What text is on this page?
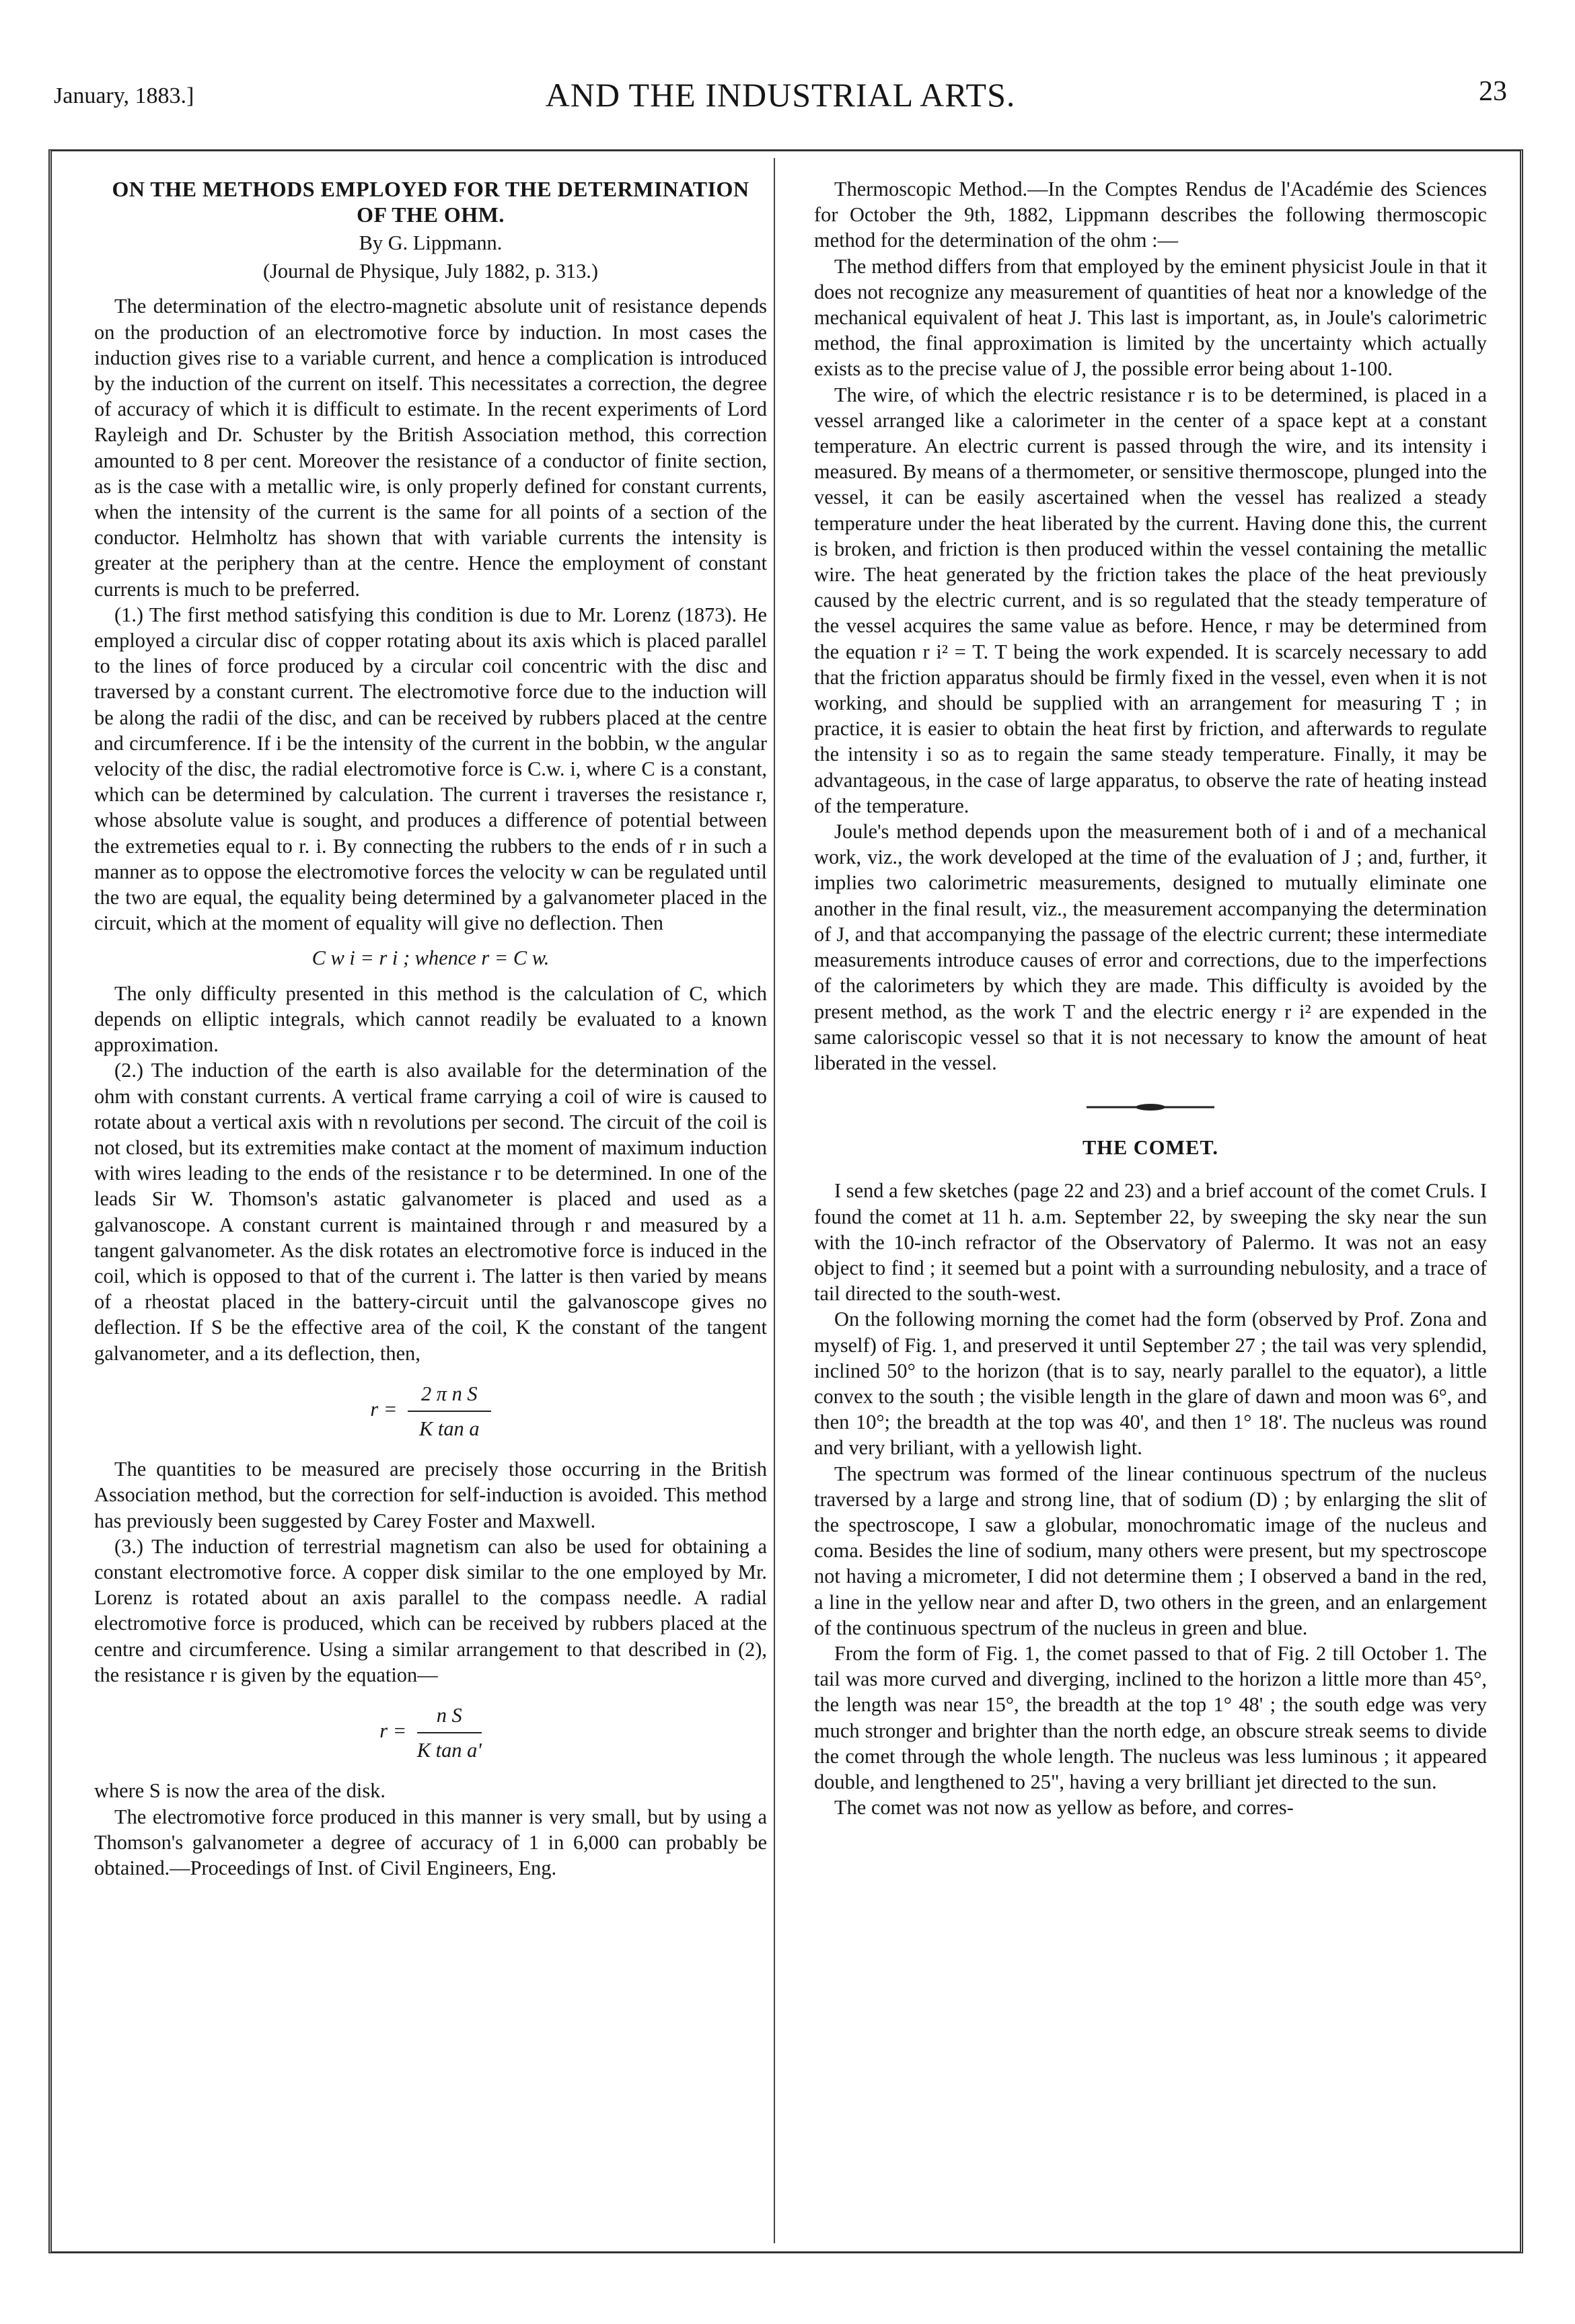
January, 1883.]	AND THE INDUSTRIAL ARTS.	23
ON THE METHODS EMPLOYED FOR THE DETERMINATION OF THE OHM.
By G. Lippmann.
(Journal de Physique, July 1882, p. 313.)

The determination of the electro-magnetic absolute unit of resistance depends on the production of an electromotive force by induction. In most cases the induction gives rise to a variable current, and hence a complication is introduced by the induction of the current on itself. This necessitates a correction, the degree of accuracy of which it is difficult to estimate. In the recent experiments of Lord Rayleigh and Dr. Schuster by the British Association method, this correction amounted to 8 per cent. Moreover the resistance of a conductor of finite section, as is the case with a metallic wire, is only properly defined for constant currents, when the intensity of the current is the same for all points of a section of the conductor. Helmholtz has shown that with variable currents the intensity is greater at the periphery than at the centre. Hence the employment of constant currents is much to be preferred.

(1.) The first method satisfying this condition is due to Mr. Lorenz (1873). He employed a circular disc of copper rotating about its axis which is placed parallel to the lines of force produced by a circular coil concentric with the disc and traversed by a constant current. The electromotive force due to the induction will be along the radii of the disc, and can be received by rubbers placed at the centre and circumference. If i be the intensity of the current in the bobbin, w the angular velocity of the disc, the radial electromotive force is C.w. i, where C is a constant, which can be determined by calculation. The current i traverses the resistance r, whose absolute value is sought, and produces a difference of potential between the extremeties equal to r. i. By connecting the rubbers to the ends of r in such a manner as to oppose the electromotive forces the velocity w can be regulated until the two are equal, the equality being determined by a galvanometer placed in the circuit, which at the moment of equality will give no deflection. Then

C w i = r i ; whence r = C w.

The only difficulty presented in this method is the calculation of C, which depends on elliptic integrals, which cannot readily be evaluated to a known approximation.

(2.) The induction of the earth is also available for the determination of the ohm with constant currents. A vertical frame carrying a coil of wire is caused to rotate about a vertical axis with n revolutions per second. The circuit of the coil is not closed, but its extremities make contact at the moment of maximum induction with wires leading to the ends of the resistance r to be determined. In one of the leads Sir W. Thomson's astatic galvanometer is placed and used as a galvanoscope. A constant current is maintained through r and measured by a tangent galvanometer. As the disk rotates an electromotive force is induced in the coil, which is opposed to that of the current i. The latter is then varied by means of a rheostat placed in the battery-circuit until the galvanoscope gives no deflection. If S be the effective area of the coil, K the constant of the tangent galvanometer, and a its deflection, then,

$r = \frac{\text{2 π n S}}{\text{K tan a}}$

The quantities to be measured are precisely those occurring in the British Association method, but the correction for self-induction is avoided. This method has previously been suggested by Carey Foster and Maxwell.

(3.) The induction of terrestrial magnetism can also be used for obtaining a constant electromotive force. A copper disk similar to the one employed by Mr. Lorenz is rotated about an axis parallel to the compass needle. A radial electromotive force is produced, which can be received by rubbers placed at the centre and circumference. Using a similar arrangement to that described in (2), the resistance r is given by the equation—

$r = \frac{\text{n S}}{\text{K tan a'}}$

where S is now the area of the disk.

The electromotive force produced in this manner is very small, but by using a Thomson's galvanometer a degree of accuracy of 1 in 6,000 can probably be obtained.—Proceedings of Inst. of Civil Engineers, Eng.

Thermoscopic Method.—In the Comptes Rendus de l'Académie des Sciences for October the 9th, 1882, Lippmann describes the following thermoscopic method for the determination of the ohm :—

The method differs from that employed by the eminent physicist Joule in that it does not recognize any measurement of quantities of heat nor a knowledge of the mechanical equivalent of heat J. This last is important, as, in Joule's calorimetric method, the final approximation is limited by the uncertainty which actually exists as to the precise value of J, the possible error being about 1-100.

The wire, of which the electric resistance r is to be determined, is placed in a vessel arranged like a calorimeter in the center of a space kept at a constant temperature. An electric current is passed through the wire, and its intensity i measured. By means of a thermometer, or sensitive thermoscope, plunged into the vessel, it can be easily ascertained when the vessel has realized a steady temperature under the heat liberated by the current. Having done this, the current is broken, and friction is then produced within the vessel containing the metallic wire. The heat generated by the friction takes the place of the heat previously caused by the electric current, and is so regulated that the steady temperature of the vessel acquires the same value as before. Hence, r may be determined from the equation r i² = T. T being the work expended. It is scarcely necessary to add that the friction apparatus should be firmly fixed in the vessel, even when it is not working, and should be supplied with an arrangement for measuring T ; in practice, it is easier to obtain the heat first by friction, and afterwards to regulate the intensity i so as to regain the same steady temperature. Finally, it may be advantageous, in the case of large apparatus, to observe the rate of heating instead of the temperature.

Joule's method depends upon the measurement both of i and of a mechanical work, viz., the work developed at the time of the evaluation of J ; and, further, it implies two calorimetric measurements, designed to mutually eliminate one another in the final result, viz., the measurement accompanying the determination of J, and that accompanying the passage of the electric current; these intermediate measurements introduce causes of error and corrections, due to the imperfections of the calorimeters by which they are made. This difficulty is avoided by the present method, as the work T and the electric energy r i² are expended in the same caloriscopic vessel so that it is not necessary to know the amount of heat liberated in the vessel.

THE COMET.

I send a few sketches (page 22 and 23) and a brief account of the comet Cruls. I found the comet at 11 h. a.m. September 22, by sweeping the sky near the sun with the 10-inch refractor of the Observatory of Palermo. It was not an easy object to find ; it seemed but a point with a surrounding nebulosity, and a trace of tail directed to the south-west.

On the following morning the comet had the form (observed by Prof. Zona and myself) of Fig. 1, and preserved it until September 27 ; the tail was very splendid, inclined 50° to the horizon (that is to say, nearly parallel to the equator), a little convex to the south ; the visible length in the glare of dawn and moon was 6°, and then 10°; the breadth at the top was 40', and then 1° 18'. The nucleus was round and very briliant, with a yellowish light.

The spectrum was formed of the linear continuous spectrum of the nucleus traversed by a large and strong line, that of sodium (D) ; by enlarging the slit of the spectroscope, I saw a globular, monochromatic image of the nucleus and coma. Besides the line of sodium, many others were present, but my spectroscope not having a micrometer, I did not determine them ; I observed a band in the red, a line in the yellow near and after D, two others in the green, and an enlargement of the continuous spectrum of the nucleus in green and blue.

From the form of Fig. 1, the comet passed to that of Fig. 2 till October 1. The tail was more curved and diverging, inclined to the horizon a little more than 45°, the length was near 15°, the breadth at the top 1° 48' ; the south edge was very much stronger and brighter than the north edge, an obscure streak seems to divide the comet through the whole length. The nucleus was less luminous ; it appeared double, and lengthened to 25", having a very brilliant jet directed to the sun.

The comet was not now as yellow as before, and corres-
